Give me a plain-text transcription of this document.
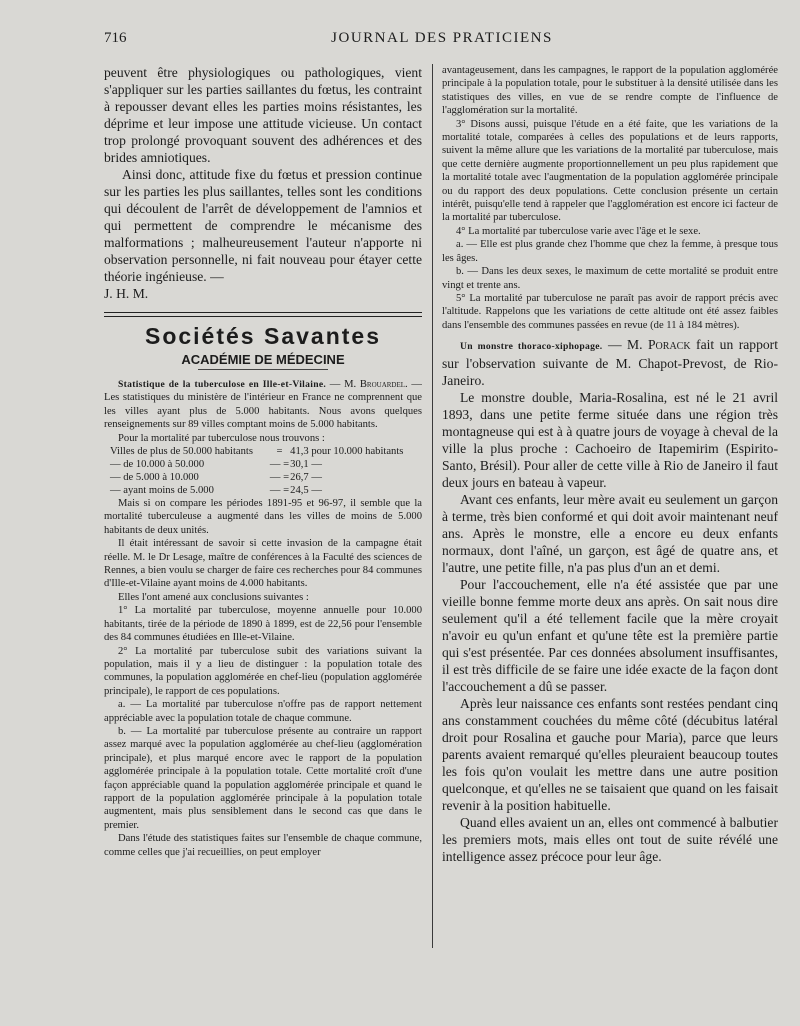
716	JOURNAL DES PRATICIENS

peuvent être physiologiques ou pathologiques, vient s'appliquer sur les parties saillantes du fœtus, les contraint à repousser devant elles les parties moins résistantes, les déprime et leur impose une attitude vicieuse. Un contact trop prolongé provoquant souvent des adhérences et des brides amniotiques.

Ainsi donc, attitude fixe du fœtus et pression continue sur les parties les plus saillantes, telles sont les conditions qui découlent de l'arrêt de développement de l'amnios et qui permettent de comprendre le mécanisme des malformations ; malheureusement l'auteur n'apporte ni observation personnelle, ni fait nouveau pour étayer cette théorie ingénieuse. —

J. H. M.

Sociétés Savantes
ACADÉMIE DE MÉDECINE

Statistique de la tuberculose en Ille-et-Vilaine. — M. Brouardel. — Les statistiques du ministère de l'intérieur en France ne comprennent que les villes ayant plus de 5.000 habitants. Nous avons quelques renseignements sur 89 villes comptant moins de 5.000 habitants.

Pour la mortalité par tuberculose nous trouvons :

Villes de plus de 50.000 habitants	=	41,3 pour 10.000 habitants
— de 10.000 à 50.000	— =	30,1 —
— de 5.000 à 10.000	— =	26,7 —
— ayant moins de 5.000	— =	24,5 —

Mais si on compare les périodes 1891-95 et 96-97, il semble que la mortalité tuberculeuse a augmenté dans les villes de moins de 5.000 habitants de deux unités.

Il était intéressant de savoir si cette invasion de la campagne était réelle. M. le Dr Lesage, maître de conférences à la Faculté des sciences de Rennes, a bien voulu se charger de faire ces recherches pour 84 communes d'Ille-et-Vilaine ayant moins de 4.000 habitants.

Elles l'ont amené aux conclusions suivantes :

1° La mortalité par tuberculose, moyenne annuelle pour 10.000 habitants, tirée de la période de 1890 à 1899, est de 22,56 pour l'ensemble des 84 communes étudiées en Ille-et-Vilaine.

2° La mortalité par tuberculose subit des variations suivant la population, mais il y a lieu de distinguer : la population totale des communes, la population agglomérée en chef-lieu (population agglomérée principale), le rapport de ces populations.

a. — La mortalité par tuberculose n'offre pas de rapport nettement appréciable avec la population totale de chaque commune.

b. — La mortalité par tuberculose présente au contraire un rapport assez marqué avec la population agglomérée au chef-lieu (agglomération principale), et plus marqué encore avec le rapport de la population agglomérée principale à la population totale. Cette mortalité croît d'une façon appréciable quand la population agglomérée principale et quand le rapport de la population agglomérée principale à la population totale augmentent, mais plus sensiblement dans le second cas que dans le premier.

Dans l'étude des statistiques faites sur l'ensemble de chaque commune, comme celles que j'ai recueillies, on peut employer

avantageusement, dans les campagnes, le rapport de la population agglomérée principale à la population totale, pour le substituer à la densité utilisée dans les statistiques des villes, en vue de se rendre compte de l'influence de l'agglomération sur la mortalité.

3° Disons aussi, puisque l'étude en a été faite, que les variations de la mortalité totale, comparées à celles des populations et de leurs rapports, suivent la même allure que les variations de la mortalité par tuberculose, mais que cette dernière augmente proportionnellement un peu plus rapidement que la mortalité totale avec l'augmentation de la population agglomérée principale ou du rapport des deux populations. Cette conclusion présente un certain intérêt, puisqu'elle tend à rappeler que l'agglomération est encore ici facteur de la mortalité par tuberculose.

4° La mortalité par tuberculose varie avec l'âge et le sexe.

a. — Elle est plus grande chez l'homme que chez la femme, à presque tous les âges.

b. — Dans les deux sexes, le maximum de cette mortalité se produit entre vingt et trente ans.

5° La mortalité par tuberculose ne paraît pas avoir de rapport précis avec l'altitude. Rappelons que les variations de cette altitude ont été assez faibles dans l'ensemble des communes passées en revue (de 11 à 184 mètres).

Un monstre thoraco-xiphopage. — M. Porack fait un rapport sur l'observation suivante de M. Chapot-Prevost, de Rio-Janeiro.

Le monstre double, Maria-Rosalina, est né le 21 avril 1893, dans une petite ferme située dans une région très montagneuse qui est à à quatre jours de voyage à cheval de la ville la plus proche : Cachoeiro de Itapemirim (Espirito-Santo, Brésil). Pour aller de cette ville à Rio de Janeiro il faut deux jours en bateau à vapeur.

Avant ces enfants, leur mère avait eu seulement un garçon à terme, très bien conformé et qui doit avoir maintenant neuf ans. Après le monstre, elle a encore eu deux enfants normaux, dont l'aîné, un garçon, est âgé de quatre ans, et l'autre, une petite fille, n'a pas plus d'un an et demi.

Pour l'accouchement, elle n'a été assistée que par une vieille bonne femme morte deux ans après. On sait nous dire seulement qu'il a été tellement facile que la mère croyait n'avoir eu qu'un enfant et qu'une tête est la première partie qui s'est présentée. Par ces données absolument insuffisantes, il est très difficile de se faire une idée exacte de la façon dont l'accouchement a dû se passer.

Après leur naissance ces enfants sont restées pendant cinq ans constamment couchées du même côté (décubitus latéral droit pour Rosalina et gauche pour Maria), parce que leurs parents avaient remarqué qu'elles pleuraient beaucoup toutes les fois qu'on voulait les mettre dans une autre position quelconque, et qu'elles ne se taisaient que quand on les faisait revenir à la position habituelle.

Quand elles avaient un an, elles ont commencé à balbutier les premiers mots, mais elles ont tout de suite révélé une intelligence assez précoce pour leur âge.
